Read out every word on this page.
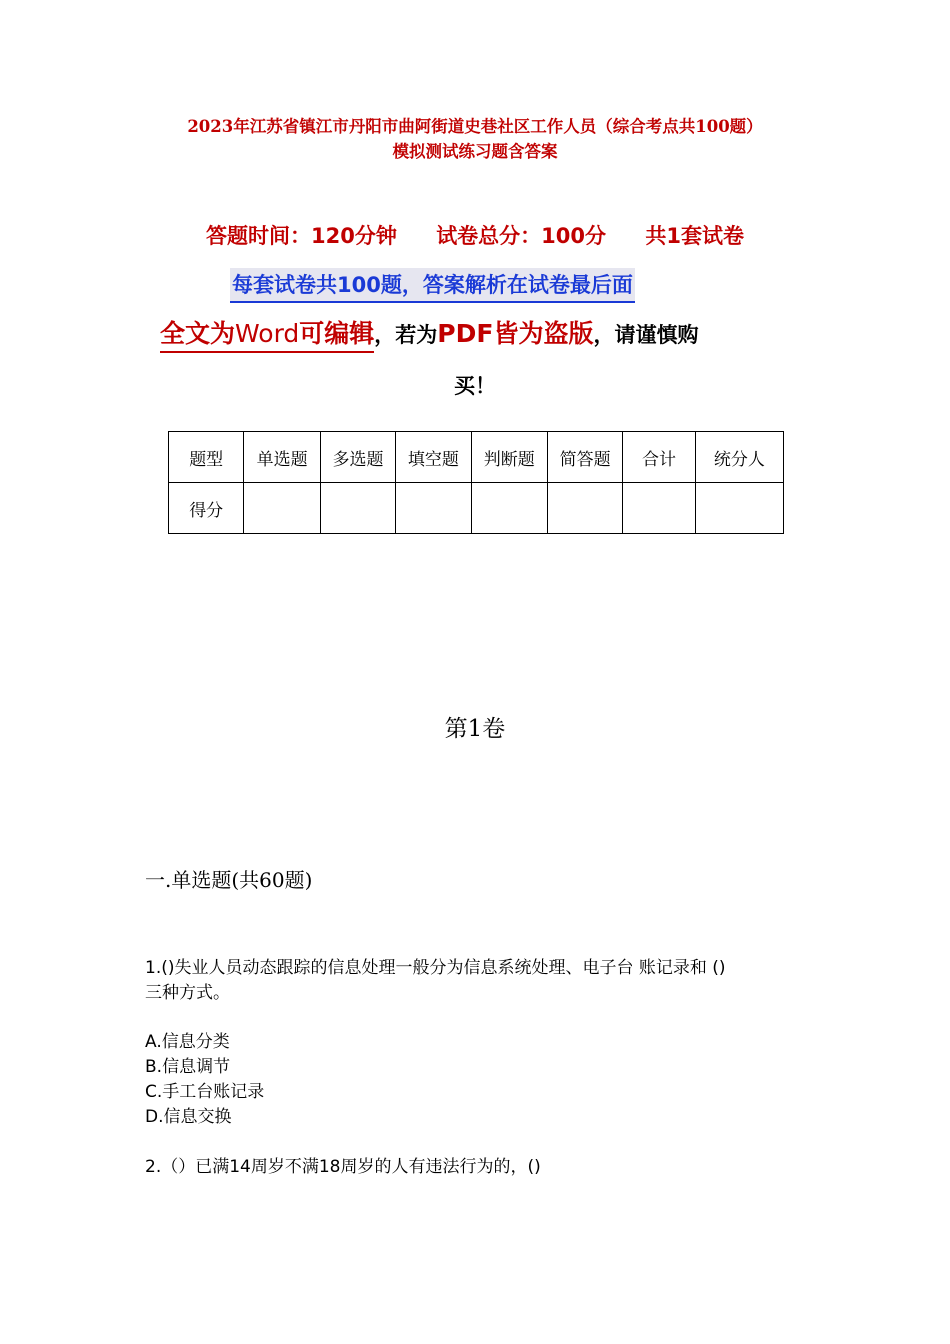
2023年江苏省镇江市丹阳市曲阿街道史巷社区工作人员（综合考点共100题）
模拟测试练习题含答案
答题时间：120分钟 试卷总分：100分 共1套试卷
每套试卷共100题，答案解析在试卷最后面
全文为Word可编辑，若为PDF皆为盗版，请谨慎购
买！
题型	单选题	多选题	填空题	判断题	简答题	合计	统分人
得分							
第1卷
一.单选题(共60题)
1.()失业人员动态跟踪的信息处理一般分为信息系统处理、电子台 账记录和 ()
三种方式。
A.信息分类
B.信息调节
C.手工台账记录
D.信息交换
2.（）已满14周岁不满18周岁的人有违法行为的，()
